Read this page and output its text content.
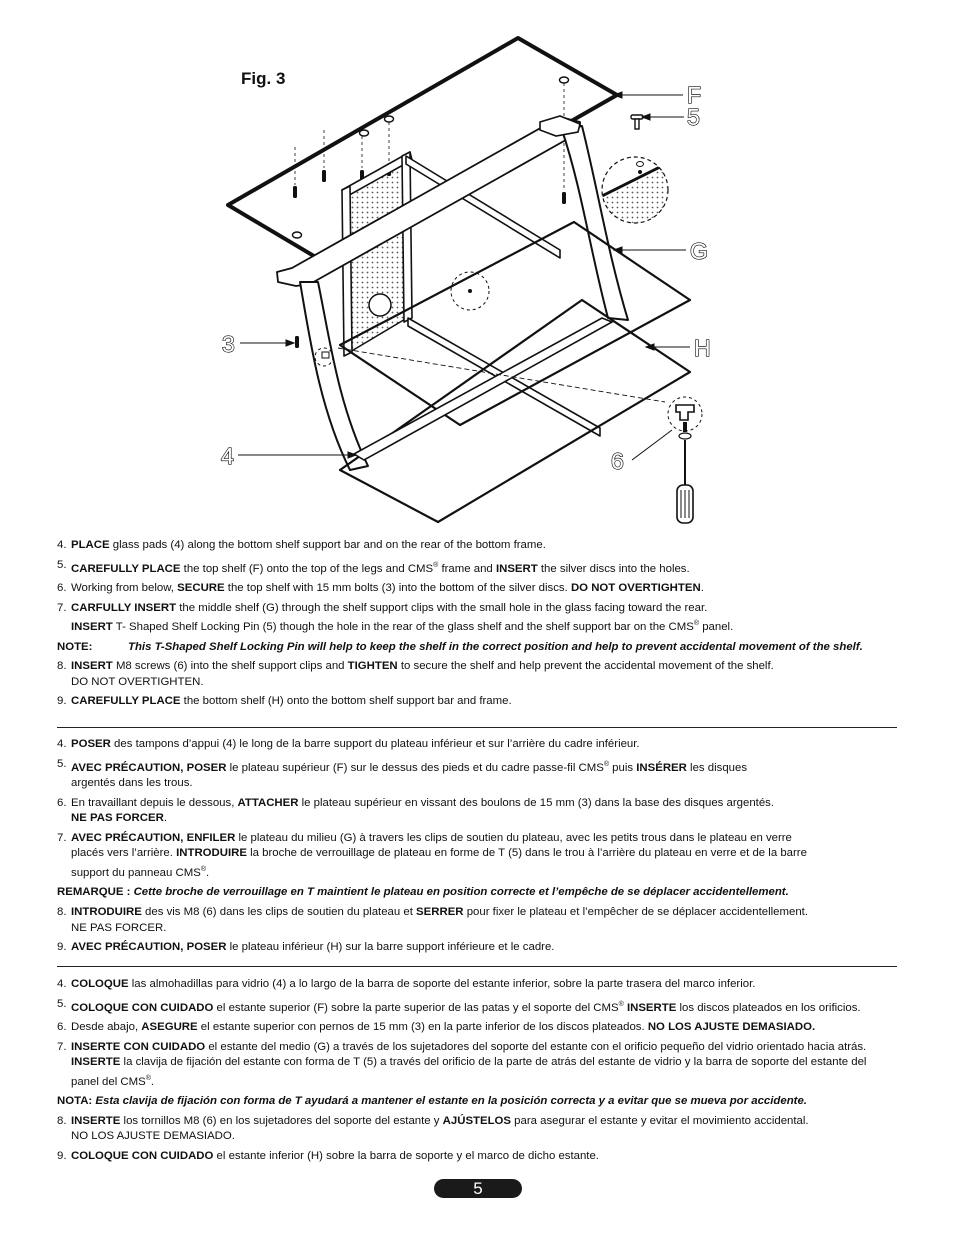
Fig. 3
F
5
G
3	H
4	6
4. PLACE glass pads (4) along the bottom shelf support bar and on the rear of the bottom frame.
5. CAREFULLY PLACE the top shelf (F) onto the top of the legs and CMS® frame and INSERT the silver discs into the holes.
6. Working from below, SECURE the top shelf with 15 mm bolts (3) into the bottom of the silver discs. DO NOT OVERTIGHTEN.
7. CARFULLY INSERT the middle shelf (G) through the shelf support clips with the small hole in the glass facing toward the rear.
INSERT T- Shaped Shelf Locking Pin (5) though the hole in the rear of the glass shelf and the shelf support bar on the CMS® panel.
NOTE:	This T-Shaped Shelf Locking Pin will help to keep the shelf in the correct position and help to prevent accidental movement of the shelf.
8. INSERT M8 screws (6) into the shelf support clips and TIGHTEN to secure the shelf and help prevent the accidental movement of the shelf.
DO NOT OVERTIGHTEN.
9. CAREFULLY PLACE the bottom shelf (H) onto the bottom shelf support bar and frame.
4. POSER des tampons d’appui (4) le long de la barre support du plateau inférieur et sur l’arrière du cadre inférieur.
5. AVEC PRÉCAUTION, POSER le plateau supérieur (F) sur le dessus des pieds et du cadre passe-fil CMS® puis INSÉRER les disques
argentés dans les trous.
6. En travaillant depuis le dessous, ATTACHER le plateau supérieur en vissant des boulons de 15 mm (3) dans la base des disques argentés.
NE PAS FORCER.
7. AVEC PRÉCAUTION, ENFILER le plateau du milieu (G) à travers les clips de soutien du plateau, avec les petits trous dans le plateau en verre
placés vers l’arrière. INTRODUIRE la broche de verrouillage de plateau en forme de T (5) dans le trou à l’arrière du plateau en verre et de la barre
support du panneau CMS®.
REMARQUE : Cette broche de verrouillage en T maintient le plateau en position correcte et l’empêche de se déplacer accidentellement.
8. INTRODUIRE des vis M8 (6) dans les clips de soutien du plateau et SERRER pour fixer le plateau et l’empêcher de se déplacer accidentellement.
NE PAS FORCER.
9. AVEC PRÉCAUTION, POSER le plateau inférieur (H) sur la barre support inférieure et le cadre.
4. COLOQUE las almohadillas para vidrio (4) a lo largo de la barra de soporte del estante inferior, sobre la parte trasera del marco inferior.
5. COLOQUE CON CUIDADO el estante superior (F) sobre la parte superior de las patas y el soporte del CMS® INSERTE los discos plateados en los orificios.
6. Desde abajo, ASEGURE el estante superior con pernos de 15 mm (3) en la parte inferior de los discos plateados. NO LOS AJUSTE DEMASIADO.
7. INSERTE CON CUIDADO el estante del medio (G) a través de los sujetadores del soporte del estante con el orificio pequeño del vidrio orientado hacia atrás.
INSERTE la clavija de fijación del estante con forma de T (5) a través del orificio de la parte de atrás del estante de vidrio y la barra de soporte del estante del
panel del CMS®.
NOTA: Esta clavija de fijación con forma de T ayudará a mantener el estante en la posición correcta y a evitar que se mueva por accidente.
8. INSERTE los tornillos M8 (6) en los sujetadores del soporte del estante y AJÚSTELOS para asegurar el estante y evitar el movimiento accidental.
NO LOS AJUSTE DEMASIADO.
9. COLOQUE CON CUIDADO el estante inferior (H) sobre la barra de soporte y el marco de dicho estante.
5
